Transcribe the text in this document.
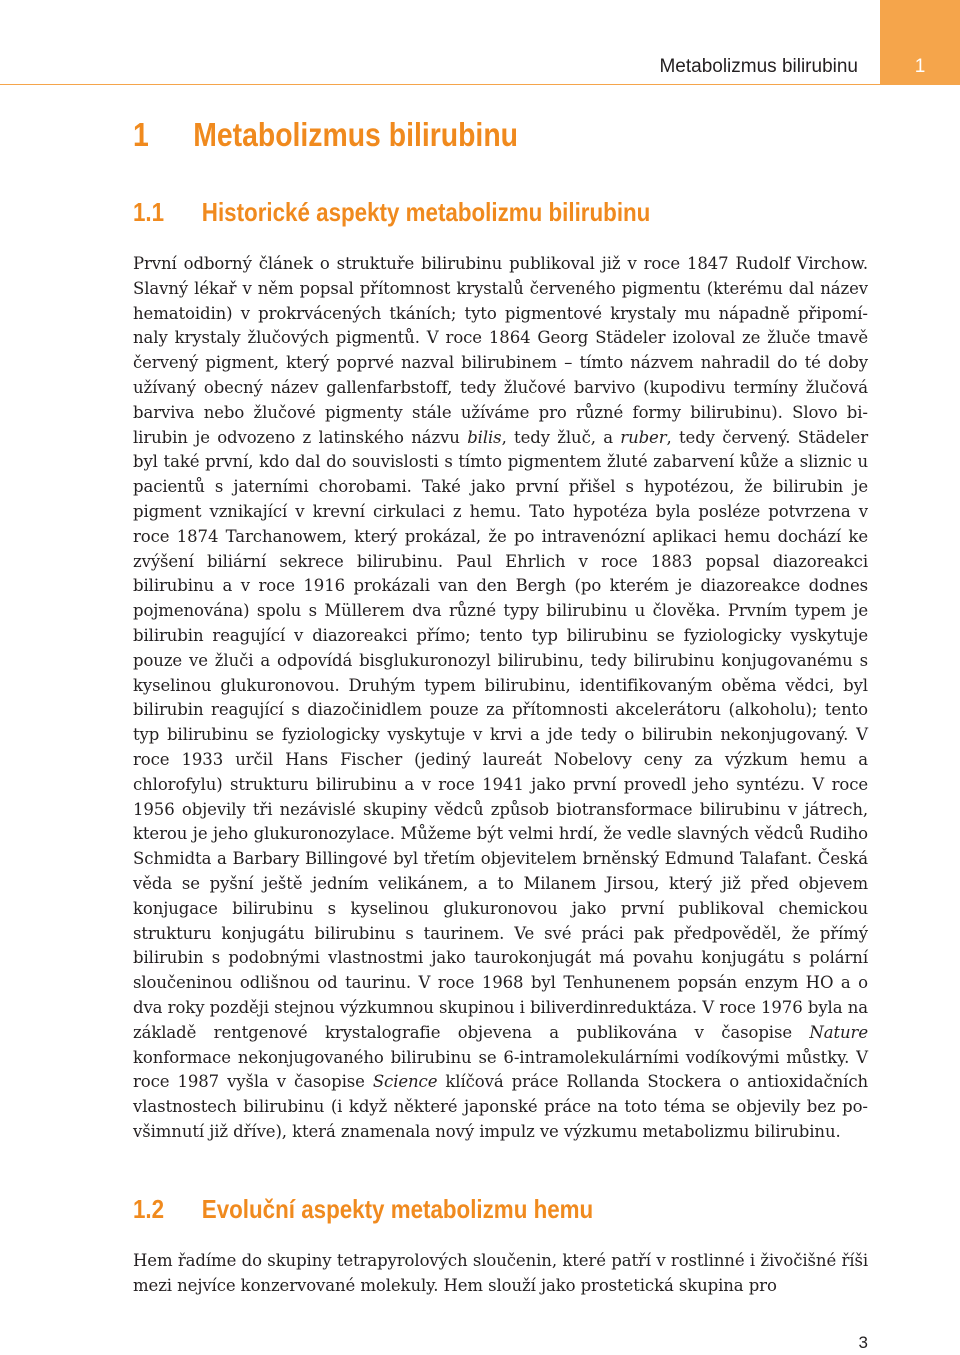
1
Metabolizmus bilirubinu
1 Metabolizmus bilirubinu
1.1 Historické aspekty metabolizmu bilirubinu
První odborný článek o struktuře bilirubinu publikoval již v roce 1847 Rudolf Virchow. Slavný lékař v něm popsal přítomnost krystalů červeného pigmentu (kterému dal název hematoidin) v prokrvácených tkáních; tyto pigmentové krystaly mu nápadně připomínaly krystaly žlučových pigmentů. V roce 1864 Georg Städeler izoloval ze žluče tmavě červený pigment, který poprvé nazval bilirubinem – tímto názvem nahradil do té doby užívaný obecný název gallenfarbstoff, tedy žlučové barvivo (kupodivu termíny žlučová barviva nebo žlučové pigmenty stále užíváme pro různé formy bilirubinu). Slovo bilirubin je odvozeno z latinského názvu bilis, tedy žluč, a ruber, tedy červený. Städeler byl také první, kdo dal do souvislosti s tímto pigmentem žluté zabarvení kůže a sliznic u pacientů s jaterními chorobami. Také jako první přišel s hypotézou, že bilirubin je pigment vznikající v krevní cirkulaci z hemu. Tato hypotéza byla posléze potvrzena v roce 1874 Tarchanowem, který prokázal, že po intravenózní aplikaci hemu dochází ke zvýšení biliární sekrece bilirubinu. Paul Ehrlich v roce 1883 popsal diazoreakci bilirubinu a v roce 1916 prokázali van den Bergh (po kterém je diazoreakce dodnes pojmenována) spolu s Müllerem dva různé typy bilirubinu u člověka. Prvním typem je bilirubin reagující v diazoreakci přímo; tento typ bilirubinu se fyziologicky vyskytuje pouze ve žluči a odpovídá bisglukuronozyl bilirubinu, tedy bilirubinu konjugovanému s kyselinou glukuronovou. Druhým typem bilirubinu, identifikovaným oběma vědci, byl bilirubin reagující s diazočinidlem pouze za přítomnosti akcelerátoru (alkoholu); tento typ bilirubinu se fyziologicky vyskytuje v krvi a jde tedy o bilirubin nekonjugovaný. V roce 1933 určil Hans Fischer (jediný laureát Nobelovy ceny za výzkum hemu a chlorofylu) strukturu bilirubinu a v roce 1941 jako první provedl jeho syntézu. V roce 1956 objevily tři nezávislé skupiny vědců způsob biotransformace bilirubinu v játrech, kterou je jeho glukuronozylace. Můžeme být velmi hrdí, že vedle slavných vědců Rudiho Schmidta a Barbary Billingové byl třetím objevitelem brněnský Edmund Talafant. Česká věda se pyšní ještě jedním velikánem, a to Milanem Jirsou, který již před objevem konjugace bilirubinu s kyselinou glukuronovou jako první publikoval chemickou strukturu konjugátu bilirubinu s taurinem. Ve své práci pak předpověděl, že přímý bilirubin s podobnými vlastnostmi jako taurokonjugát má povahu konjugátu s polární sloučeninou odlišnou od taurinu. V roce 1968 byl Tenhunenem popsán enzym HO a o dva roky později stejnou výzkumnou skupinou i biliverdinreduktáza. V roce 1976 byla na základě rentgenové krystalografie objevena a publikována v časopise Nature konformace nekonjugovaného bilirubinu se 6-intramolekulárními vodíkovými můstky. V roce 1987 vyšla v časopise Science klíčová práce Rollanda Stockera o antioxidačních vlastnostech bilirubinu (i když některé japonské práce na toto téma se objevily bez povšimnutí již dříve), která znamenala nový impulz ve výzkumu metabolizmu bilirubinu.
1.2 Evoluční aspekty metabolizmu hemu
Hem řadíme do skupiny tetrapyrolových sloučenin, které patří v rostlinné i živočišné říši mezi nejvíce konzervované molekuly. Hem slouží jako prostetická skupina pro
3
